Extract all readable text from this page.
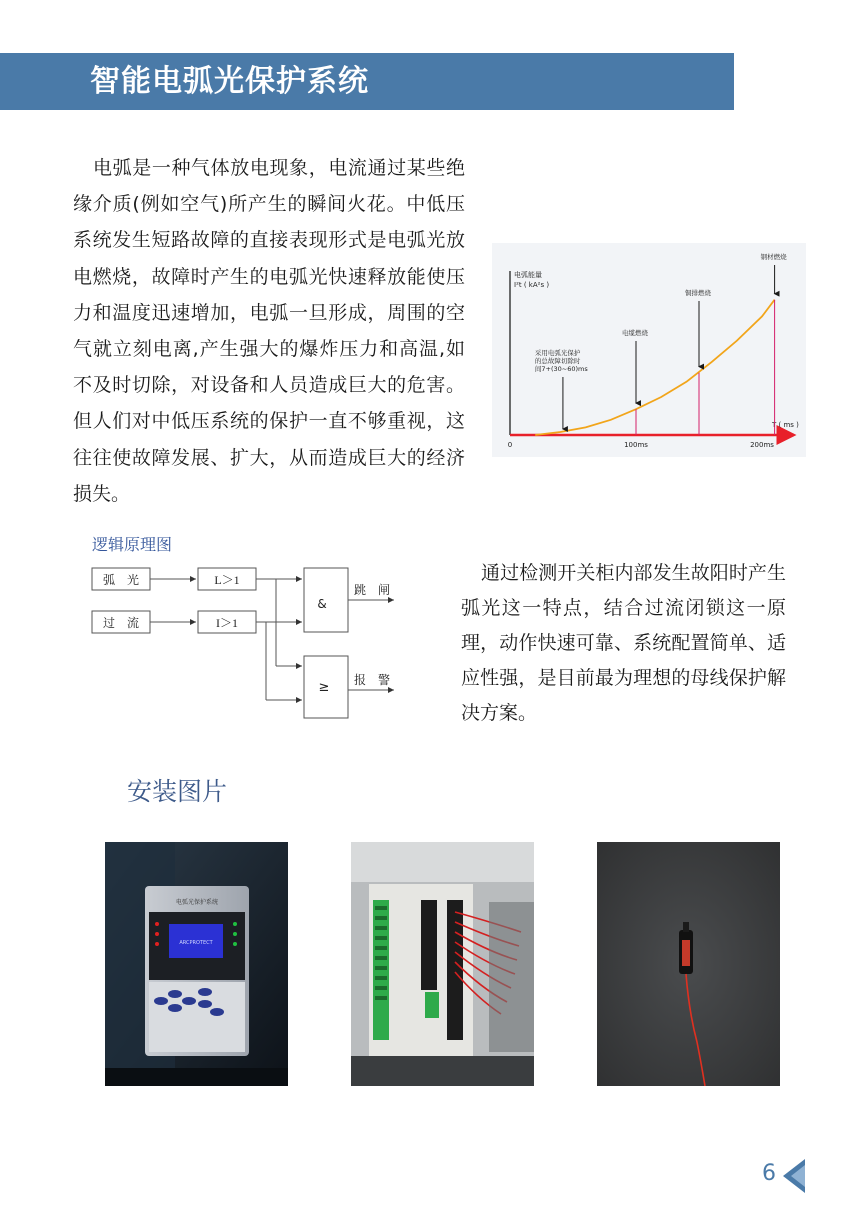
智能电弧光保护系统

电弧是一种气体放电现象，电流通过某些绝缘介质(例如空气)所产生的瞬间火花。中低压系统发生短路故障的直接表现形式是电弧光放电燃烧，故障时产生的电弧光快速释放能使压力和温度迅速增加，电弧一旦形成，周围的空气就立刻电离,产生强大的爆炸压力和高温,如不及时切除，对设备和人员造成巨大的危害。但人们对中低压系统的保护一直不够重视，这往往使故障发展、扩大，从而造成巨大的经济损失。

电弧能量
I²t ( kA²s )
T ( ms )
0	100ms	200ms
采用电弧光保护
的总故障切除时
间7+(30~60)ms
电缆燃烧
铜排燃烧
钢材燃烧
逻辑原理图
弧　光
过　流
L＞1
I＞1
&
≥
跳　闸
报　警

通过检测开关柜内部发生故阳时产生弧光这一特点，结合过流闭锁这一原理，动作快速可靠、系统配置简单、适应性强，是目前最为理想的母线保护解决方案。

安装图片
电弧光保护系统
ARCPROTECT
6
